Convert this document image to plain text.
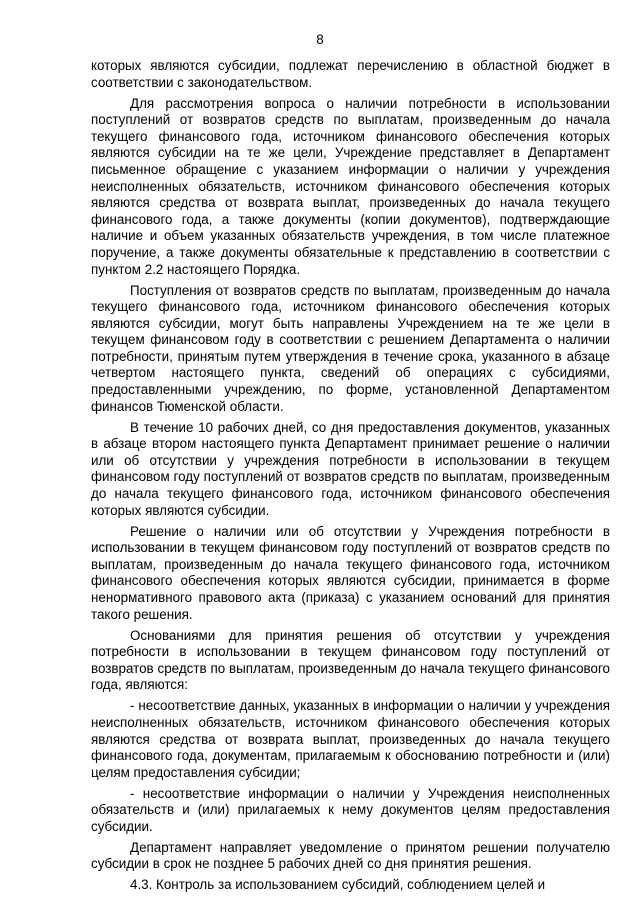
8

которых являются субсидии, подлежат перечислению в областной бюджет в соответствии с законодательством.

Для рассмотрения вопроса о наличии потребности в использовании поступлений от возвратов средств по выплатам, произведенным до начала текущего финансового года, источником финансового обеспечения которых являются субсидии на те же цели, Учреждение представляет в Департамент письменное обращение с указанием информации о наличии у учреждения неисполненных обязательств, источником финансового обеспечения которых являются средства от возврата выплат, произведенных до начала текущего финансового года, а также документы (копии документов), подтверждающие наличие и объем указанных обязательств учреждения, в том числе платежное поручение, а также документы обязательные к представлению в соответствии с пунктом 2.2 настоящего Порядка.

Поступления от возвратов средств по выплатам, произведенным до начала текущего финансового года, источником финансового обеспечения которых являются субсидии, могут быть направлены Учреждением на те же цели в текущем финансовом году в соответствии с решением Департамента о наличии потребности, принятым путем утверждения в течение срока, указанного в абзаце четвертом настоящего пункта, сведений об операциях с субсидиями, предоставленными учреждению, по форме, установленной Департаментом финансов Тюменской области.

В течение 10 рабочих дней, со дня предоставления документов, указанных в абзаце втором настоящего пункта Департамент принимает решение о наличии или об отсутствии у учреждения потребности в использовании в текущем финансовом году поступлений от возвратов средств по выплатам, произведенным до начала текущего финансового года, источником финансового обеспечения которых являются субсидии.

Решение о наличии или об отсутствии у Учреждения потребности в использовании в текущем финансовом году поступлений от возвратов средств по выплатам, произведенным до начала текущего финансового года, источником финансового обеспечения которых являются субсидии, принимается в форме ненормативного правового акта (приказа) с указанием оснований для принятия такого решения.

Основаниями для принятия решения об отсутствии у учреждения потребности в использовании в текущем финансовом году поступлений от возвратов средств по выплатам, произведенным до начала текущего финансового года, являются:

- несоответствие данных, указанных в информации о наличии у учреждения неисполненных обязательств, источником финансового обеспечения которых являются средства от возврата выплат, произведенных до начала текущего финансового года, документам, прилагаемым к обоснованию потребности и (или) целям предоставления субсидии;

- несоответствие информации о наличии у Учреждения неисполненных обязательств и (или) прилагаемых к нему документов целям предоставления субсидии.

Департамент направляет уведомление о принятом решении получателю субсидии в срок не позднее 5 рабочих дней со дня принятия решения.

4.3. Контроль за использованием субсидий, соблюдением целей и
